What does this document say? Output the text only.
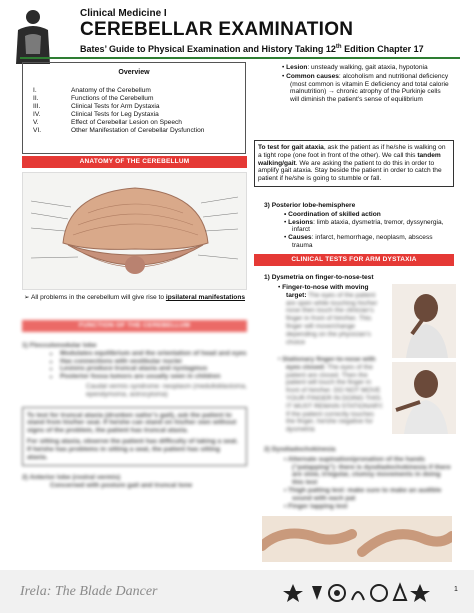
Clinical Medicine I
CEREBELLAR EXAMINATION
Bates’ Guide to Physical Examination and History Taking 12th Edition Chapter 17
Overview
I.	Anatomy of the Cerebellum
II.	Functions of the Cerebellum
III.	Clinical Tests for Arm Dystaxia
IV.	Clinical Tests for Leg Dystaxia
V.	Effect of Cerebellar Lesion on Speech
VI.	Other Manifestation of Cerebellar Dysfunction
ANATOMY OF THE CEREBELLUM
➢ All problems in the cerebellum will give rise to ipsilateral manifestations
FUNCTION OF THE CEREBELLUM
1) Flocculonodular lobe
• Modulates equilibrium and the orientation of head and eyes
• Has connections with vestibular nuclei
• Lesions produce truncal ataxia and nystagmus
• Posterior fossa tumors are usually seen in children
Caudal vermis syndrome: neoplasm (medulloblastoma, ependymoma, astrocytoma)
To test for truncal ataxia (drunken sailor’s gait), ask the patient to stand from his/her seat. If he/she can stand on his/her own without signs of the problem, the patient has truncal ataxia.
For sitting ataxia, observe the patient has difficulty of taking a seat. If he/she has problems in sitting a seat, the patient has sitting ataxia.
2) Anterior lobe (rostral vermis)
Concerned with posture gait and truncal tone
• Lesion: unsteady walking, gait ataxia, hypotonia
• Common causes: alcoholism and nutritional deficiency (most common is vitamin E deficiency and total calorie malnutrition) → chronic atrophy of the Purkinje cells will diminish the patient’s sense of equilibrium
To test for gait ataxia, ask the patient as if he/she is walking on a tight rope (one foot in front of the other). We call this tandem walking/gait. We are asking the patient to do this in order to amplify gait ataxia. Stay beside the patient in order to catch the patient if he/she is going to stumble or fall.
3) Posterior lobe-hemisphere
• Coordination of skilled action
• Lesions: limb ataxia, dysmetria, tremor, dyssynergia, infarct
• Causes: infarct, hemorrhage, neoplasm, abscess trauma
CLINICAL TESTS FOR ARM DYSTAXIA
1) Dysmetria on finger-to-nose-test
• Finger-to-nose with moving target: The eyes of the patient are open while touching his/her nose then touch the clinician’s finger in front of him/her. This finger will move/change depending on the physician’s choice
• Stationary finger-to-nose with eyes closed: The eyes of the patient are closed. Then the patient will touch the finger in front of him/her. DO NOT MOVE YOUR FINGER IN DOING THIS. IT MUST REMAIN STATIONARY. If the patient correctly touches the finger, he/she negative for dysmetria
2) Dysdiadochokinesia
• Alternate supination/pronation of the hands (“patapping”): there is dysdiadochokinesia if there are slow, irregular, clumsy movements in doing this test
• Thigh patting test: make sure to make an audible sound with each pat
• Finger tapping test
Irela: The Blade Dancer	1
